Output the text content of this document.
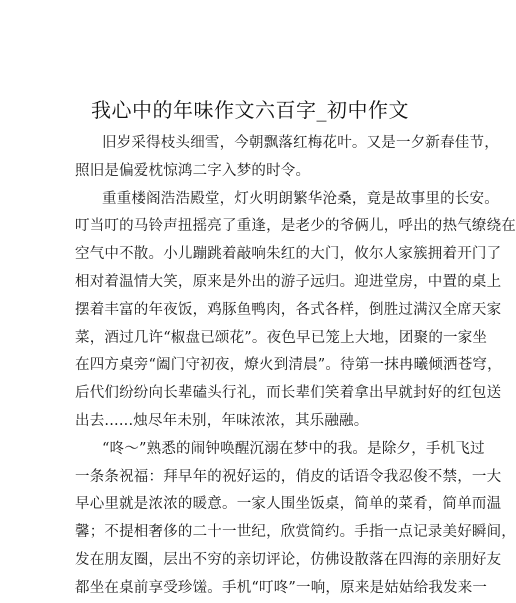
我心中的年味作文六百字_初中作文
旧岁采得枝头细雪，今朝飘落红梅花叶。又是一夕新春佳节，
照旧是偏爱枕惊鸿二字入梦的时令。
重重楼阁浩浩殿堂，灯火明朗繁华沧桑，竟是故事里的长安。
叮当叮的马铃声扭摇亮了重逢，是老少的爷俩儿，呼出的热气缭绕在
空气中不散。小儿蹦跳着敲响朱红的大门，攸尔人家簇拥着开门了
相对着温情大笑，原来是外出的游子远归。迎进堂房，中置的桌上
摆着丰富的年夜饭，鸡豚鱼鸭肉，各式各样，倒胜过满汉全席天家
菜，酒过几许“椒盘已颂花”。夜色早已笼上大地，团聚的一家坐
在四方桌旁“阖门守初夜，燎火到清晨”。待第一抹冉曦倾洒苍穹，
后代们纷纷向长辈磕头行礼，而长辈们笑着拿出早就封好的红包送
出去......烛尽年未别，年味浓浓，其乐融融。
“咚～”熟悉的闹钟唤醒沉溺在梦中的我。是除夕，手机飞过
一条条祝福：拜早年的祝好运的，俏皮的话语令我忍俊不禁，一大
早心里就是浓浓的暖意。一家人围坐饭桌，简单的菜肴，简单而温
馨；不提相奢侈的二十一世纪，欣赏简约。手指一点记录美好瞬间，
发在朋友圈，层出不穷的亲切评论，仿佛设散落在四海的亲朋好友
都坐在桌前享受珍馐。手机“叮咚”一响，原来是姑姑给我发来一
